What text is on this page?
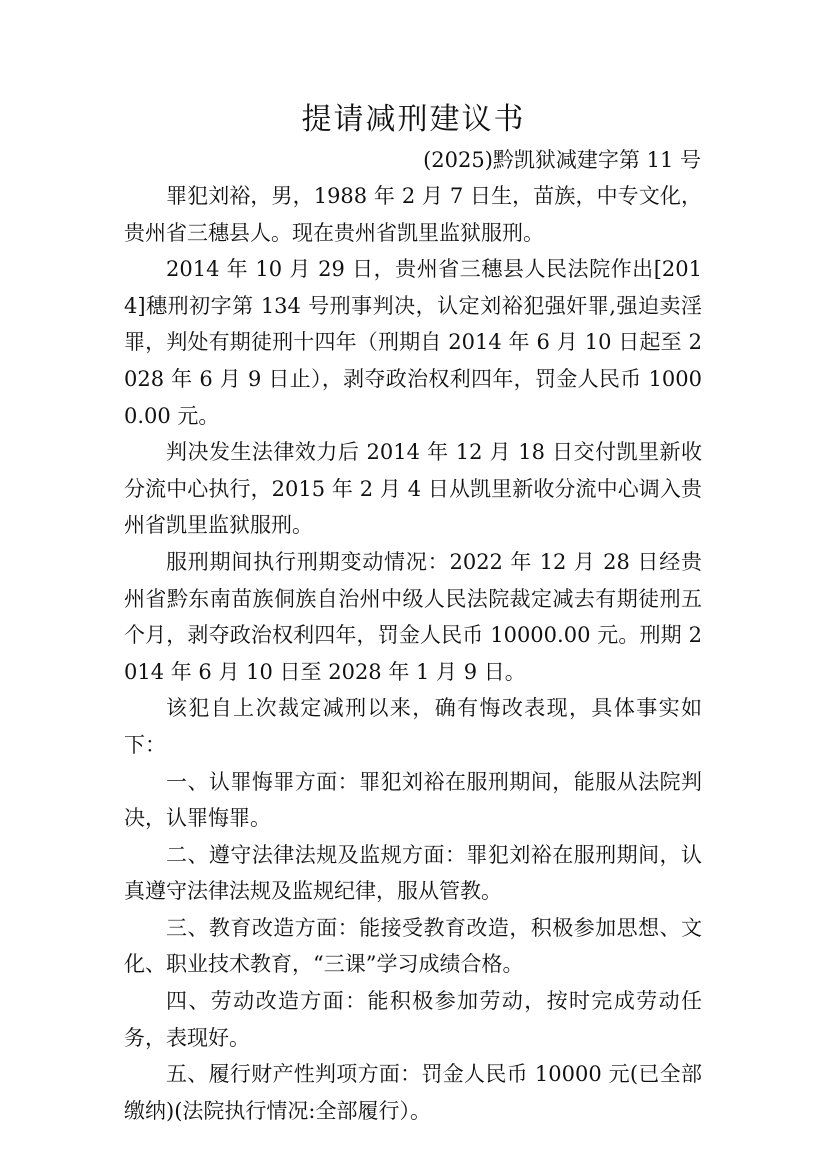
提请减刑建议书
(2025)黔凯狱减建字第 11 号

罪犯刘裕，男，1988 年 2 月 7 日生，苗族，中专文化，贵州省三穗县人。现在贵州省凯里监狱服刑。

2014 年 10 月 29 日，贵州省三穗县人民法院作出[2014]穗刑初字第 134 号刑事判决，认定刘裕犯强奸罪,强迫卖淫罪，判处有期徒刑十四年（刑期自 2014 年 6 月 10 日起至 2028 年 6 月 9 日止），剥夺政治权利四年，罚金人民币 10000.00 元。

判决发生法律效力后 2014 年 12 月 18 日交付凯里新收分流中心执行，2015 年 2 月 4 日从凯里新收分流中心调入贵州省凯里监狱服刑。

服刑期间执行刑期变动情况：2022 年 12 月 28 日经贵州省黔东南苗族侗族自治州中级人民法院裁定减去有期徒刑五个月，剥夺政治权利四年，罚金人民币 10000.00 元。刑期 2014 年 6 月 10 日至 2028 年 1 月 9 日。

该犯自上次裁定减刑以来，确有悔改表现，具体事实如下：

一、认罪悔罪方面：罪犯刘裕在服刑期间，能服从法院判决，认罪悔罪。

二、遵守法律法规及监规方面：罪犯刘裕在服刑期间，认真遵守法律法规及监规纪律，服从管教。

三、教育改造方面：能接受教育改造，积极参加思想、文化、职业技术教育，“三课”学习成绩合格。

四、劳动改造方面：能积极参加劳动，按时完成劳动任务，表现好。

五、履行财产性判项方面：罚金人民币 10000 元(已全部缴纳)(法院执行情况:全部履行）。
